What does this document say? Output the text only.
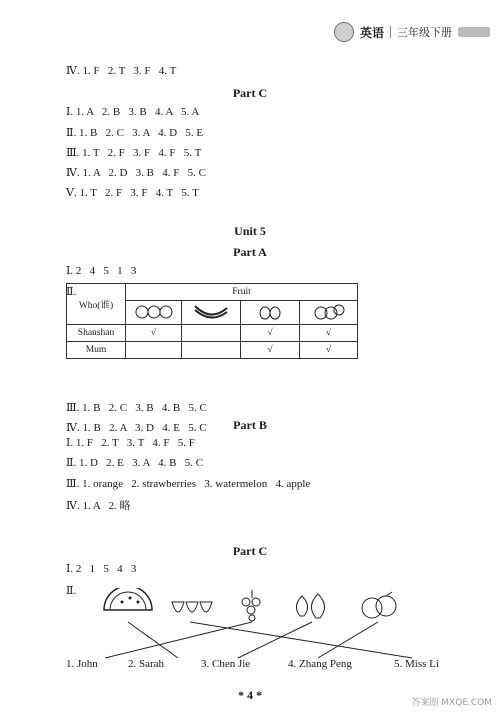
英语 三年级下册
Ⅳ. 1. F   2. T   3. F   4. T
Part C
Ⅰ. 1. A   2. B   3. B   4. A   5. A
Ⅱ. 1. B   2. C   3. A   4. D   5. E
Ⅲ. 1. T   2. F   3. F   4. F   5. T
Ⅳ. 1. A   2. D   3. B   4. F   5. C
Ⅴ. 1. T   2. F   3. F   4. T   5. T
Unit 5
Part A
Ⅰ. 2   4   5   1   3
Ⅱ.
Who(谁)	Fruit			

Shanshan	√		√	√
Mum			√	√
Ⅲ. 1. B   2. C   3. B   4. B   5. C
Ⅳ. 1. B   2. A   3. D   4. E   5. C	Part B
Ⅰ. 1. F   2. T   3. T   4. F   5. F
Ⅱ. 1. D   2. E   3. A   4. B   5. C
Ⅲ. 1. orange   2. strawberries   3. watermelon   4. apple
Ⅳ. 1. A   2. 略
Part C
Ⅰ. 2   1   5   4   3
Ⅱ.
1. John	2. Sarah	3. Chen Jie	4. Zhang Peng	5. Miss Li
* 4 *
答案圈 MXQE.COM
